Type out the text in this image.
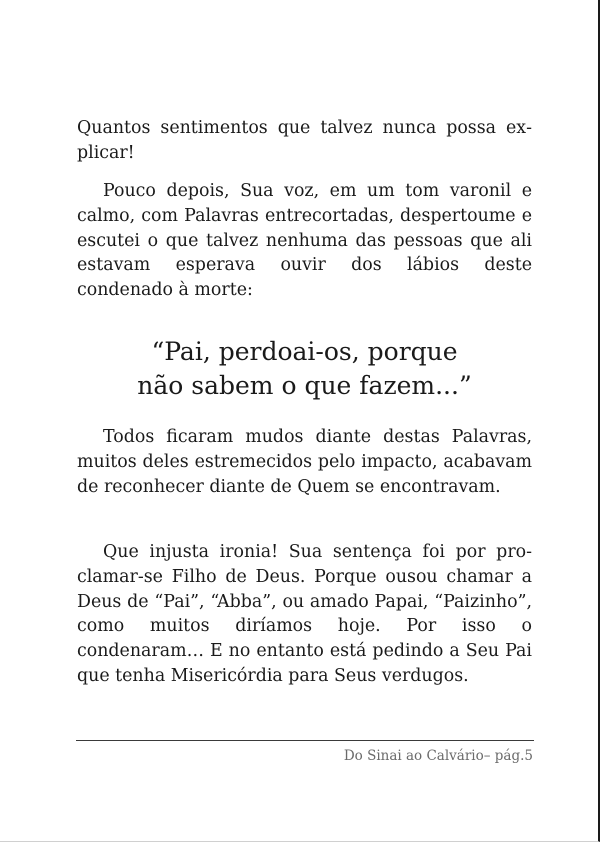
Quantos sentimentos que talvez nunca possa explicar!

Pouco depois, Sua voz, em um tom varonil e calmo, com Palavras entrecortadas, despertoume e escutei o que talvez nenhuma das pessoas que ali estavam esperava ouvir dos lábios deste condenado à morte:

“Pai, perdoai-os, porque
não sabem o que fazem...”

Todos ficaram mudos diante destas Palavras, muitos deles estremecidos pelo impacto, acabavam de reconhecer diante de Quem se encontravam.

Que injusta ironia! Sua sentença foi por proclamar-se Filho de Deus. Porque ousou chamar a Deus de “Pai”, “Abba”, ou amado Papai, “Paizinho”, como muitos diríamos hoje. Por isso o condenaram… E no entanto está pedindo a Seu Pai que tenha Misericórdia para Seus verdugos.

Do Sinai ao Calvário– pág.5
